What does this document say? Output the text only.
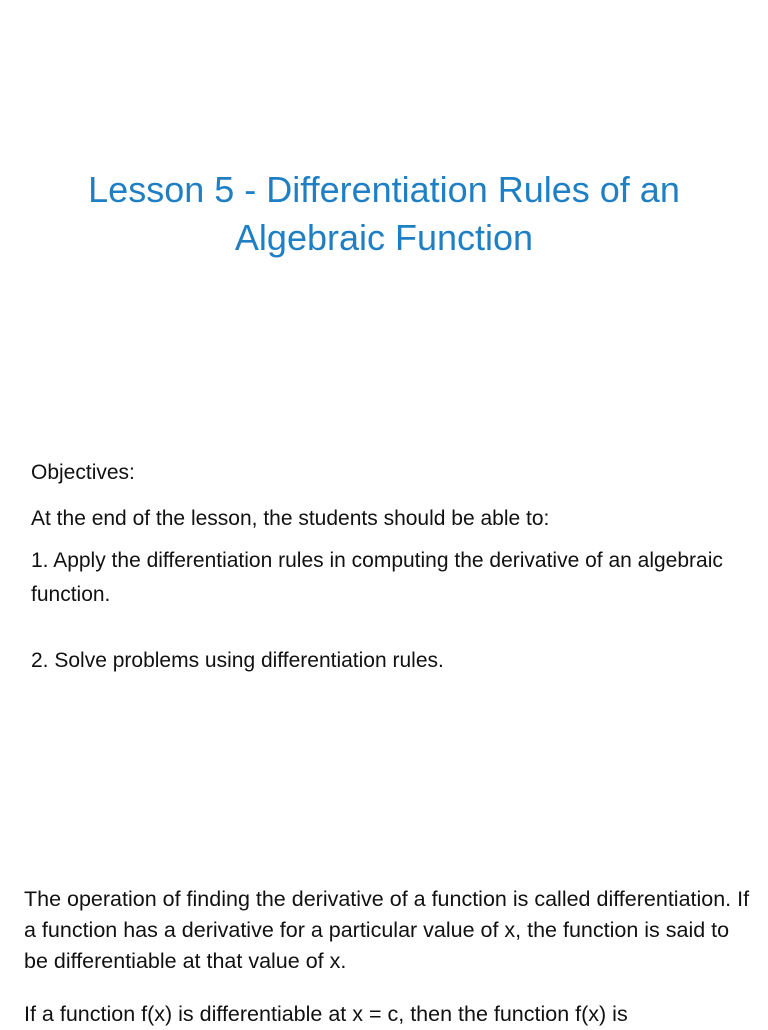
Lesson 5 - Differentiation Rules of an
Algebraic Function

Objectives:

At the end of the lesson, the students should be able to:

1. Apply the differentiation rules in computing the derivative of an algebraic function.

2. Solve problems using differentiation rules.

The operation of finding the derivative of a function is called differentiation. If a function has a derivative for a particular value of x, the function is said to be differentiable at that value of x.

If a function f(x) is differentiable at x = c, then the function f(x) is
